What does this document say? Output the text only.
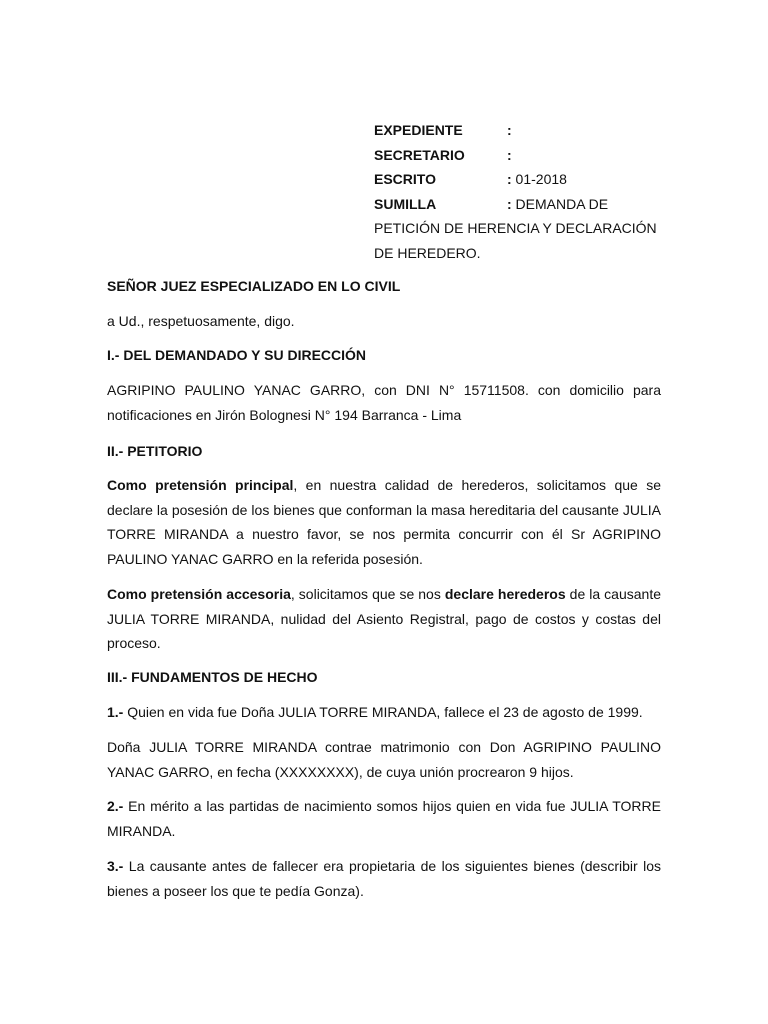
EXPEDIENTE	:
SECRETARIO	:
ESCRITO	: 01-2018
SUMILLA	: DEMANDA DE
PETICIÓN DE HERENCIA Y DECLARACIÓN
DE HEREDERO.
SEÑOR JUEZ ESPECIALIZADO EN LO CIVIL
a Ud., respetuosamente, digo.
I.- DEL DEMANDADO Y SU DIRECCIÓN

AGRIPINO PAULINO YANAC GARRO, con DNI N° 15711508. con domicilio para notificaciones en Jirón Bolognesi N° 194 Barranca - Lima

II.- PETITORIO

Como pretensión principal, en nuestra calidad de herederos, solicitamos que se declare la posesión de los bienes que conforman la masa hereditaria del causante JULIA TORRE MIRANDA a nuestro favor, se nos permita concurrir con él Sr AGRIPINO PAULINO YANAC GARRO en la referida posesión.

Como pretensión accesoria, solicitamos que se nos declare herederos de la causante JULIA TORRE MIRANDA, nulidad del Asiento Registral, pago de costos y costas del proceso.

III.- FUNDAMENTOS DE HECHO

1.- Quien en vida fue Doña JULIA TORRE MIRANDA, fallece el 23 de agosto de 1999.

Doña JULIA TORRE MIRANDA contrae matrimonio con Don AGRIPINO PAULINO YANAC GARRO, en fecha (XXXXXXXX), de cuya unión procrearon 9 hijos.

2.- En mérito a las partidas de nacimiento somos hijos quien en vida fue JULIA TORRE MIRANDA.

3.- La causante antes de fallecer era propietaria de los siguientes bienes (describir los bienes a poseer los que te pedía Gonza).
